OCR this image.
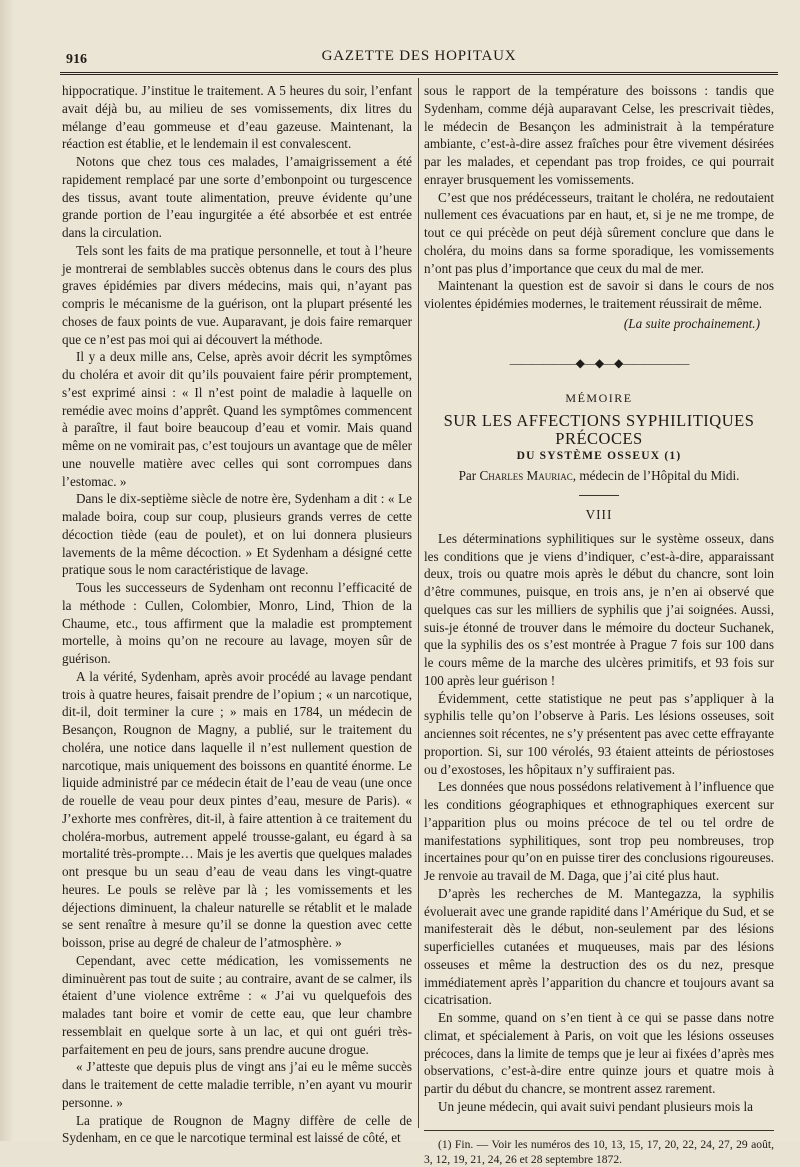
916	GAZETTE DES HOPITAUX

hippocratique. J’institue le traitement. A 5 heures du soir, l’enfant avait déjà bu, au milieu de ses vomissements, dix litres du mélange d’eau gommeuse et d’eau gazeuse. Maintenant, la réaction est établie, et le lendemain il est convalescent.

Notons que chez tous ces malades, l’amaigrissement a été rapidement remplacé par une sorte d’embonpoint ou turgescence des tissus, avant toute alimentation, preuve évidente qu’une grande portion de l’eau ingurgitée a été absorbée et est entrée dans la circulation.

Tels sont les faits de ma pratique personnelle, et tout à l’heure je montrerai de semblables succès obtenus dans le cours des plus graves épidémies par divers médecins, mais qui, n’ayant pas compris le mécanisme de la guérison, ont la plupart présenté les choses de faux points de vue. Auparavant, je dois faire remarquer que ce n’est pas moi qui ai découvert la méthode.

Il y a deux mille ans, Celse, après avoir décrit les symptômes du choléra et avoir dit qu’ils pouvaient faire périr promptement, s’est exprimé ainsi : « Il n’est point de maladie à laquelle on remédie avec moins d’apprêt. Quand les symptômes commencent à paraître, il faut boire beaucoup d’eau et vomir. Mais quand même on ne vomirait pas, c’est toujours un avantage que de mêler une nouvelle matière avec celles qui sont corrompues dans l’estomac. »

Dans le dix-septième siècle de notre ère, Sydenham a dit : « Le malade boira, coup sur coup, plusieurs grands verres de cette décoction tiède (eau de poulet), et on lui donnera plusieurs lavements de la même décoction. » Et Sydenham a désigné cette pratique sous le nom caractéristique de lavage.

Tous les successeurs de Sydenham ont reconnu l’efficacité de la méthode : Cullen, Colombier, Monro, Lind, Thion de la Chaume, etc., tous affirment que la maladie est promptement mortelle, à moins qu’on ne recoure au lavage, moyen sûr de guérison.

A la vérité, Sydenham, après avoir procédé au lavage pendant trois à quatre heures, faisait prendre de l’opium ; « un narcotique, dit-il, doit terminer la cure ; » mais en 1784, un médecin de Besançon, Rougnon de Magny, a publié, sur le traitement du choléra, une notice dans laquelle il n’est nullement question de narcotique, mais uniquement des boissons en quantité énorme. Le liquide administré par ce médecin était de l’eau de veau (une once de rouelle de veau pour deux pintes d’eau, mesure de Paris). « J’exhorte mes confrères, dit-il, à faire attention à ce traitement du choléra-morbus, autrement appelé trousse-galant, eu égard à sa mortalité très-prompte… Mais je les avertis que quelques malades ont presque bu un seau d’eau de veau dans les vingt-quatre heures. Le pouls se relève par là ; les vomissements et les déjections diminuent, la chaleur naturelle se rétablit et le malade se sent renaître à mesure qu’il se donne la question avec cette boisson, prise au degré de chaleur de l’atmosphère. »

Cependant, avec cette médication, les vomissements ne diminuèrent pas tout de suite ; au contraire, avant de se calmer, ils étaient d’une violence extrême : « J’ai vu quelquefois des malades tant boire et vomir de cette eau, que leur chambre ressemblait en quelque sorte à un lac, et qui ont guéri très-parfaitement en peu de jours, sans prendre aucune drogue.

« J’atteste que depuis plus de vingt ans j’ai eu le même succès dans le traitement de cette maladie terrible, n’en ayant vu mourir personne. »

La pratique de Rougnon de Magny diffère de celle de Sydenham, en ce que le narcotique terminal est laissé de côté, et

sous le rapport de la température des boissons : tandis que Sydenham, comme déjà auparavant Celse, les prescrivait tièdes, le médecin de Besançon les administrait à la température ambiante, c’est-à-dire assez fraîches pour être vivement désirées par les malades, et cependant pas trop froides, ce qui pourrait enrayer brusquement les vomissements.

C’est que nos prédécesseurs, traitant le choléra, ne redoutaient nullement ces évacuations par en haut, et, si je ne me trompe, de tout ce qui précède on peut déjà sûrement conclure que dans le choléra, du moins dans sa forme sporadique, les vomissements n’ont pas plus d’importance que ceux du mal de mer.

Maintenant la question est de savoir si dans le cours de nos violentes épidémies modernes, le traitement réussirait de même.

(La suite prochainement.)
——————◆—◆—◆——————
MÉMOIRE
SUR LES AFFECTIONS SYPHILITIQUES PRÉCOCES
DU SYSTÈME OSSEUX (1)
Par Charles Mauriac, médecin de l’Hôpital du Midi.
VIII

Les déterminations syphilitiques sur le système osseux, dans les conditions que je viens d’indiquer, c’est-à-dire, apparaissant deux, trois ou quatre mois après le début du chancre, sont loin d’être communes, puisque, en trois ans, je n’en ai observé que quelques cas sur les milliers de syphilis que j’ai soignées. Aussi, suis-je étonné de trouver dans le mémoire du docteur Suchanek, que la syphilis des os s’est montrée à Prague 7 fois sur 100 dans le cours même de la marche des ulcères primitifs, et 93 fois sur 100 après leur guérison !

Évidemment, cette statistique ne peut pas s’appliquer à la syphilis telle qu’on l’observe à Paris. Les lésions osseuses, soit anciennes soit récentes, ne s’y présentent pas avec cette effrayante proportion. Si, sur 100 vérolés, 93 étaient atteints de périostoses ou d’exostoses, les hôpitaux n’y suffiraient pas.

Les données que nous possédons relativement à l’influence que les conditions géographiques et ethnographiques exercent sur l’apparition plus ou moins précoce de tel ou tel ordre de manifestations syphilitiques, sont trop peu nombreuses, trop incertaines pour qu’on en puisse tirer des conclusions rigoureuses. Je renvoie au travail de M. Daga, que j’ai cité plus haut.

D’après les recherches de M. Mantegazza, la syphilis évoluerait avec une grande rapidité dans l’Amérique du Sud, et se manifesterait dès le début, non-seulement par des lésions superficielles cutanées et muqueuses, mais par des lésions osseuses et même la destruction des os du nez, presque immédiatement après l’apparition du chancre et toujours avant sa cicatrisation.

En somme, quand on s’en tient à ce qui se passe dans notre climat, et spécialement à Paris, on voit que les lésions osseuses précoces, dans la limite de temps que je leur ai fixées d’après mes observations, c’est-à-dire entre quinze jours et quatre mois à partir du début du chancre, se montrent assez rarement.

Un jeune médecin, qui avait suivi pendant plusieurs mois la

(1) Fin. — Voir les numéros des 10, 13, 15, 17, 20, 22, 24, 27, 29 août, 3, 12, 19, 21, 24, 26 et 28 septembre 1872.
